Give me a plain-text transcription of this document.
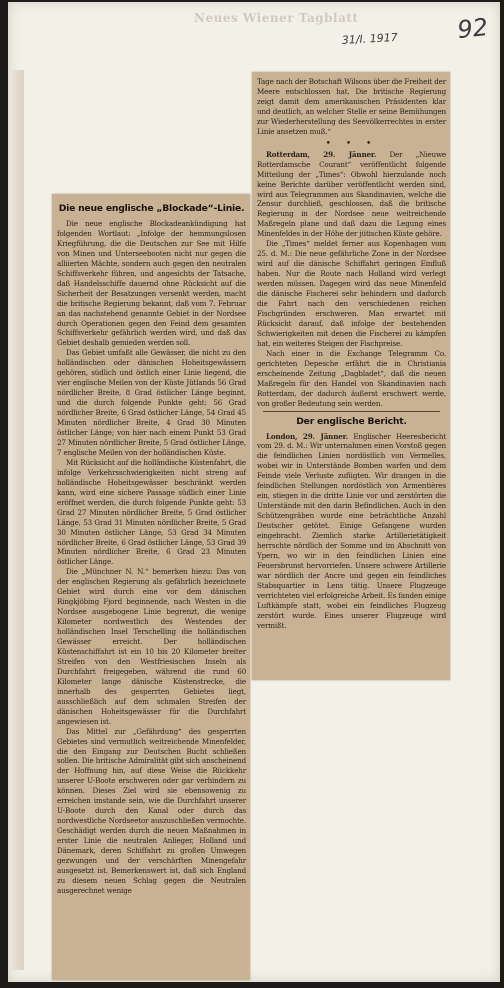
Neues Wiener Tagblatt
31/I. 1917	92
Die neue englische „Blockade“-Linie.

Die neue englische Blockadeankündigung hat folgenden Wortlaut: „Infolge der hemmungslosen Kriegführung, die die Deutschen zur See mit Hilfe von Minen und Unterseebooten nicht nur gegen die alliierten Mächte, sondern auch gegen den neutralen Schiffsverkehr führen, und angesichts der Tatsache, daß Handelsschiffe dauernd ohne Rücksicht auf die Sicherheit der Besatzungen versenkt werden, macht die britische Regierung bekannt, daß vom 7. Februar an das nachstehend genannte Gebiet in der Nordsee durch Operationen gegen den Feind dem gesamten Schiffsverkehr gefährlich werden wird, und daß das Gebiet deshalb gemieden werden soll.

Das Gebiet umfaßt alle Gewässer, die nicht zu den holländischen oder dänischen Hoheitsgewässern gehören, südlich und östlich einer Linie liegend, die vier englische Meilen von der Küste Jütlands 56 Grad nördlicher Breite, 8 Grad östlicher Länge beginnt, und die durch folgende Punkte geht: 56 Grad nördlicher Breite, 6 Grad östlicher Länge, 54 Grad 45 Minuten nördlicher Breite, 4 Grad 30 Minuten östlicher Länge; von hier nach einem Punkt 53 Grad 27 Minuten nördlicher Breite, 5 Grad östlicher Länge, 7 englische Meilen von der holländischen Küste.

Mit Rücksicht auf die holländische Küstenfahrt, die infolge Verkehrsschwierigkeiten nicht streng auf holländische Hoheitsgewässer beschränkt werden kann, wird eine sichere Passage südlich einer Linie eröffnet werden, die durch folgende Punkte geht: 53 Grad 27 Minuten nördlicher Breite, 5 Grad östlicher Länge, 53 Grad 31 Minuten nördlicher Breite, 5 Grad 30 Minuten östlicher Länge, 53 Grad 34 Minuten nördlicher Breite, 6 Grad östlicher Länge, 53 Grad 39 Minuten nördlicher Breite, 6 Grad 23 Minuten östlicher Länge.

Die „Münchner N. N.“ bemerken hiezu: Das von der englischen Regierung als gefährlich bezeichnete Gebiet wird durch eine vor dem dänischen Ringkjöbing Fjord beginnende, nach Westen in die Nordsee ausgebogene Linie begrenzt, die wenige Kilometer nordwestlich des Westendes der holländischen Insel Terschelling die holländischen Gewässer erreicht. Der holländischen Küstenschiffahrt ist ein 10 bis 20 Kilometer breiter Streifen von den Westfriesischen Inseln als Durchfahrt freigegeben, während die rund 60 Kilometer lange dänische Küstenstrecke, die innerhalb des gesperrten Gebietes liegt, ausschließlich auf dem schmalen Streifen der dänischen Hoheitsgewässer für die Durchfahrt angewiesen ist.

Das Mittel zur „Gefährdung“ des gesperrten Gebietes sind vermutlich weitreichende Minenfelder, die den Eingang zur Deutschen Bucht schließen sollen. Die britische Admiralität gibt sich anscheinend der Hoffnung hin, auf diese Weise die Rückkehr unserer U-Boote erschweren oder gar verhindern zu können. Dieses Ziel wird sie ebensowenig zu erreichen imstande sein, wie die Durchfahrt unserer U-Boote durch den Kanal oder durch das nordwestliche Nordseetor auszuschließen vermochte. Geschädigt werden durch die neuen Maßnahmen in erster Linie die neutralen Anlieger, Holland und Dänemark, deren Schiffahrt zu großen Umwegen gezwungen und der verschärften Minengefahr ausgesetzt ist. Bemerkenswert ist, daß sich England zu diesem neuen Schlag gegen die Neutralen ausgerechnet wenige

Tage nach der Botschaft Wilsons über die Freiheit der Meere entschlossen hat. Die britische Regierung zeigt damit dem amerikanischen Präsidenten klar und deutlich, an welcher Stelle er seine Bemühungen zur Wiederherstellung des Seevölkerrechtes in erster Linie ansetzen muß.“

• • •

Rotterdam, 29. Jänner. Der „Nieuwe Rotterdamsche Courant“ veröffentlicht folgende Mitteilung der „Times“: Obwohl hierzulande noch keine Berichte darüber veröffentlicht werden sind, wird aus Telegrammen aus Skandinavien, welche die Zensur durchließ, geschlossen, daß die britische Regierung in der Nordsee neue weitreichende Maßregeln plane und daß dazu die Legung eines Minenfeldes in der Höhe der jütischen Küste gehöre.

Die „Times“ meldet ferner aus Kopenhagen vom 25. d. M.: Die neue gefährliche Zone in der Nordsee wird auf die dänische Schiffahrt geringen Einfluß haben. Nur die Route nach Holland wird verlegt werden müssen. Dagegen wird das neue Minenfeld die dänische Fischerei sehr behindern und dadurch die Fahrt nach den verschiedenen reichen Fischgründen erschweren. Man erwartet mit Rücksicht darauf, daß infolge der bestehenden Schwierigkeiten mit denen die Fischerei zu kämpfen hat, ein weiteres Steigen der Fischpreise.

Nach einer in die Exchange Telegramm Co. gerichteten Depesche erfährt die in Christiania erscheinende Zeitung „Dagbladet“, daß die neuen Maßregeln für den Handel von Skandinavien nach Rotterdam, der dadurch äußerst erschwert werde, von großer Bedeutung sein werden.

Der englische Bericht.

London, 29. Jänner. Englischer Heeresbericht vom 29. d. M.: Wir unternahmen einen Vorstoß gegen die feindlichen Linien nordöstlich von Vermelles, wobei wir in Unterstände Bomben warfen und dem Feinde viele Verluste zufügten. Wir drangen in die feindlichen Stellungen nordöstlich von Armentières ein, stiegen in die dritte Linie vor und zerstörten die Unterstände mit den darin Befindlichen. Auch in den Schützengräben wurde eine beträchtliche Anzahl Deutscher getötet. Einige Gefangene wurden eingebracht. Ziemlich starke Artillerietätigkeit herrschte nördlich der Somme und im Abschnitt von Ypern, wo wir in den feindlichen Linien eine Feuersbrunst hervorriefen. Unsere schwere Artillerie war nördlich der Ancre und gegen ein feindliches Stabsquartier in Lens tätig. Unsere Flugzeuge verrichteten viel erfolgreiche Arbeit. Es fanden einige Luftkämpfe statt, wobei ein feindliches Flugzeug zerstört wurde. Eines unserer Flugzeuge wird vermißt.
